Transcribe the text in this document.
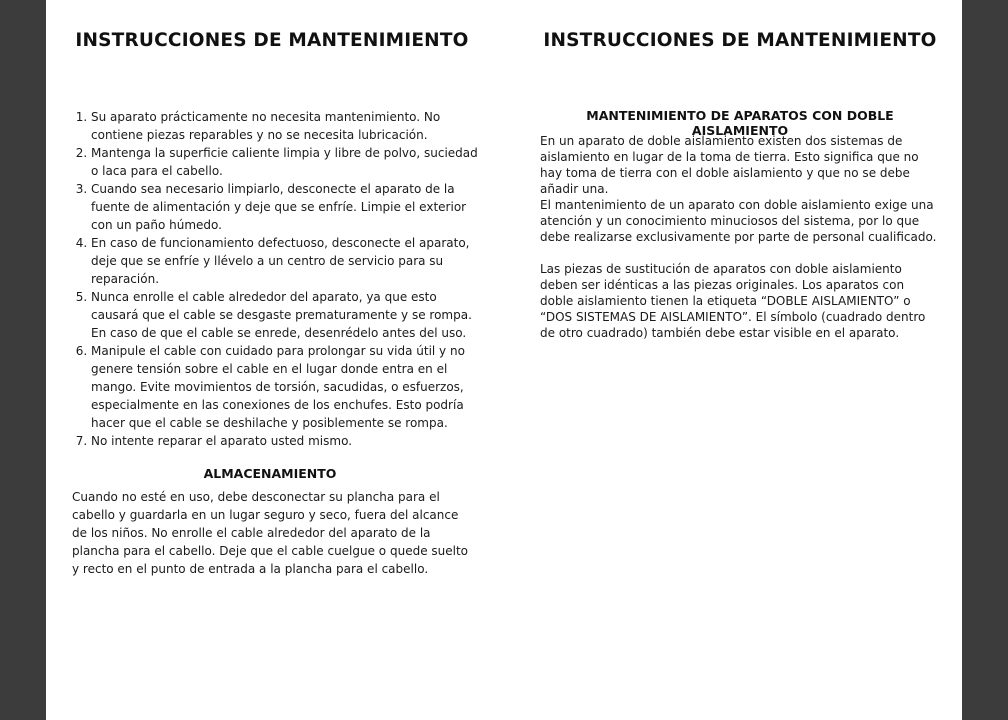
INSTRUCCIONES DE MANTENIMIENTO
1. Su aparato prácticamente no necesita mantenimiento. No contiene piezas reparables y no se necesita lubricación.
2. Mantenga la superficie caliente limpia y libre de polvo, suciedad o laca para el cabello.
3. Cuando sea necesario limpiarlo, desconecte el aparato de la fuente de alimentación y deje que se enfríe. Limpie el exterior con un paño húmedo.
4. En caso de funcionamiento defectuoso, desconecte el aparato, deje que se enfríe y llévelo a un centro de servicio para su reparación.
5. Nunca enrolle el cable alrededor del aparato, ya que esto causará que el cable se desgaste prematuramente y se rompa. En caso de que el cable se enrede, desenrédelo antes del uso.
6. Manipule el cable con cuidado para prolongar su vida útil y no genere tensión sobre el cable en el lugar donde entra en el mango. Evite movimientos de torsión, sacudidas, o esfuerzos, especialmente en las conexiones de los enchufes. Esto podría hacer que el cable se deshilache y posiblemente se rompa.
7. No intente reparar el aparato usted mismo.
ALMACENAMIENTO

Cuando no esté en uso, debe desconectar su plancha para el cabello y guardarla en un lugar seguro y seco, fuera del alcance de los niños. No enrolle el cable alrededor del aparato de la plancha para el cabello. Deje que el cable cuelgue o quede suelto y recto en el punto de entrada a la plancha para el cabello.

INSTRUCCIONES DE MANTENIMIENTO
MANTENIMIENTO DE APARATOS CON DOBLE AISLAMIENTO

En un aparato de doble aislamiento existen dos sistemas de aislamiento en lugar de la toma de tierra. Esto significa que no hay toma de tierra con el doble aislamiento y que no se debe añadir una.

El mantenimiento de un aparato con doble aislamiento exige una atención y un conocimiento minuciosos del sistema, por lo que debe realizarse exclusivamente por parte de personal cualificado.

Las piezas de sustitución de aparatos con doble aislamiento deben ser idénticas a las piezas originales. Los aparatos con doble aislamiento tienen la etiqueta “DOBLE AISLAMIENTO” o “DOS SISTEMAS DE AISLAMIENTO”. El símbolo (cuadrado dentro de otro cuadrado) también debe estar visible en el aparato.
